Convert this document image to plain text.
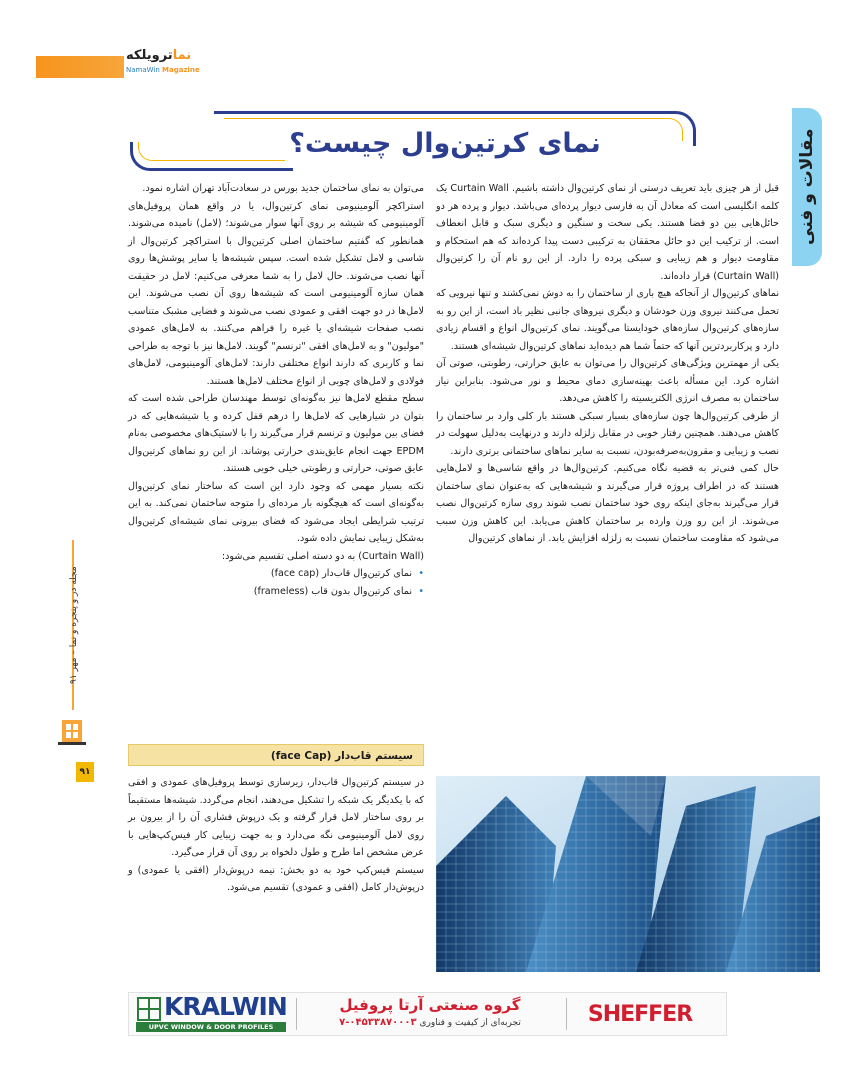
نماترویلکه
NamaWin Magazine
مقالات و فنی
نمای کرتین‌وال چیست؟

قبل از هر چیزی باید تعریف درستی از نمای کرتین‌وال داشته باشیم. Curtain Wall یک کلمه انگلیسی است که معادل آن به فارسی دیوار پرده‌ای می‌باشد. دیوار و پرده هر دو حائل‌هایی بین دو فضا هستند. یکی سخت و سنگین و دیگری سبک و قابل انعطاف است. از ترکیب این دو حائل محققان به ترکیبی دست پیدا کرده‌اند که هم استحکام و مقاومت دیوار و هم زیبایی و سبکی پرده را دارد. از این رو نام آن را کرتین‌وال (Curtain Wall) قرار داده‌اند.

نماهای کرتین‌وال از آنجاکه هیچ باری از ساختمان را به دوش نمی‌کشند و تنها نیرویی که تحمل می‌کنند نیروی وزن خودشان و دیگری نیروهای جانبی نظیر باد است، از این رو به سازه‌های کرتین‌وال سازه‌های خودایستا می‌گویند. نمای کرتین‌وال انواع و اقسام زیادی دارد و پرکاربردترین آنها که حتماً شما هم دیده‌اید نماهای کرتین‌وال شیشه‌ای هستند.

یکی از مهمترین ویژگی‌های کرتین‌وال را می‌توان به عایق حرارتی، رطوبتی، صوتی آن اشاره کرد. این مسأله باعث بهینه‌سازی دمای محیط و نور می‌شود. بنابراین نیاز ساختمان به مصرف انرژی الکتریسیته را کاهش می‌دهد.

از طرفی کرتین‌وال‌ها چون سازه‌های بسیار سبکی هستند بار کلی وارد بر ساختمان را کاهش می‌دهند. همچنین رفتار خوبی در مقابل زلزله دارند و درنهایت به‌دلیل سهولت در نصب و زیبایی و مقرون‌به‌صرفه‌بودن، نسبت به سایر نماهای ساختمانی برتری دارند.

حال کمی فنی‌تر به قضیه نگاه می‌کنیم. کرتین‌وال‌ها در واقع شاسی‌ها و لامل‌هایی هستند که در اطراف پروژه قرار می‌گیرند و شیشه‌هایی که به‌عنوان نمای ساختمان قرار می‌گیرند به‌جای اینکه روی خود ساختمان نصب شوند روی سازه کرتین‌وال نصب می‌شوند. از این رو وزن وارده بر ساختمان کاهش می‌یابد. این کاهش وزن سبب می‌شود که مقاومت ساختمان نسبت به زلزله افزایش یابد. از نماهای کرتین‌وال

می‌توان به نمای ساختمان جدید بورس در سعادت‌آباد تهران اشاره نمود.

استراکچر آلومینیومی نمای کرتین‌وال، یا در واقع همان پروفیل‌های آلومینیومی که شیشه بر روی آنها سوار می‌شوند؛ (لامل) نامیده می‌شوند. همانطور که گفتیم ساختمان اصلی کرتین‌وال با استراکچر کرتین‌وال از شاسی و لامل تشکیل شده است. سپس شیشه‌ها یا سایر پوشش‌ها روی آنها نصب می‌شوند. حال لامل را به شما معرفی می‌کنیم: لامل در حقیقت همان سازه آلومینیومی است که شیشه‌ها روی آن نصب می‌شوند. این لامل‌ها در دو جهت افقی و عمودی نصب می‌شوند و فضایی مشبک متناسب نصب صفحات شیشه‌ای یا غیره را فراهم می‌کنند. به لامل‌های عمودی "مولیون" و به لامل‌های افقی "ترنسم" گویند. لامل‌ها نیز با توجه به طراحی نما و کاربری که دارند انواع مختلفی دارند: لامل‌های آلومینیومی، لامل‌های فولادی و لامل‌های چوبی از انواع مختلف لامل‌ها هستند.

سطح مقطع لامل‌ها نیز به‌گونه‌ای توسط مهندسان طراحی شده است که بتوان در شیارهایی که لامل‌ها را درهم قفل کرده و یا شیشه‌هایی که در فضای بین مولیون و ترنسم قرار می‌گیرند را با لاستیک‌های مخصوصی به‌نام EPDM جهت انجام عایق‌بندی حرارتی پوشاند. از این رو نماهای کرتین‌وال عایق صوتی، حرارتی و رطوبتی خیلی خوبی هستند.

نکته بسیار مهمی که وجود دارد این است که ساختار نمای کرتین‌وال به‌گونه‌ای است که هیچگونه بار مرده‌ای را متوجه ساختمان نمی‌کند. به این ترتیب شرایطی ایجاد می‌شود که فضای بیرونی نمای شیشه‌ای کرتین‌وال به‌شکل زیبایی نمایش داده شود.

(Curtain Wall) به دو دسته اصلی تقسیم می‌شود:

• نمای کرتین‌وال قاب‌دار (face cap)
• نمای کرتین‌وال بدون قاب (frameless)
سیستم قاب‌دار (face Cap)

در سیستم کرتین‌وال قاب‌دار، زیرسازی توسط پروفیل‌های عمودی و افقی که با یکدیگر یک شبکه را تشکیل می‌دهند، انجام می‌گردد. شیشه‌ها مستقیماً بر روی ساختار لامل قرار گرفته و یک درپوش فشاری آن را از بیرون بر روی لامل آلومینیومی نگه می‌دارد و به جهت زیبایی کار فیس‌کپ‌هایی با عرض مشخص اما طرح و طول دلخواه بر روی آن قرار می‌گیرد.

سیستم فیس‌کپ خود به دو بخش: نیمه درپوش‌دار (افقی یا عمودی) و درپوش‌دار کامل (افقی و عمودی) تقسیم می‌شود.

مجله در و پنجره و نما – مهر ۹۱
۹۱
KRALWIN
UPVC WINDOW & DOOR PROFILES
گروه صنعتی آرتا پروفیل
تجربه‌ای از کیفیت و فناوری ۰۴۵۳۳۸۷۰۰۰۳-۷	SHEFFER
